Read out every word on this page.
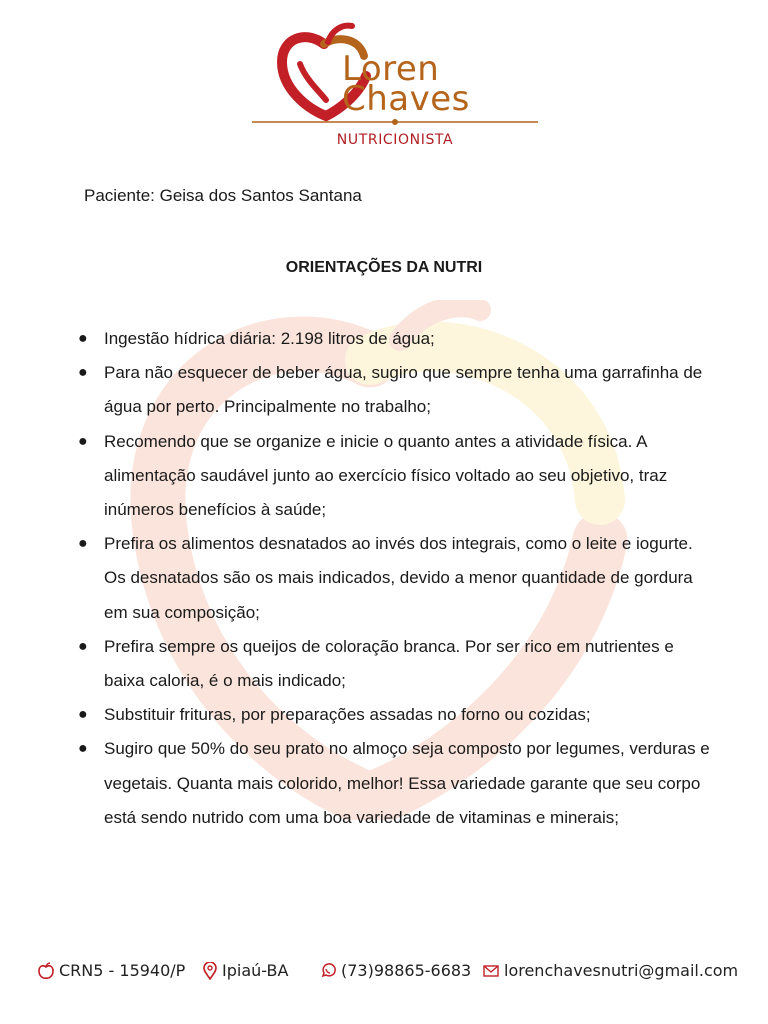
Loren
Chaves
NUTRICIONISTA
Paciente: Geisa dos Santos Santana
ORIENTAÇÕES DA NUTRI
● Ingestão hídrica diária: 2.198 litros de água;
● Para não esquecer de beber água, sugiro que sempre tenha uma garrafinha de água por perto. Principalmente no trabalho;
● Recomendo que se organize e inicie o quanto antes a atividade física. A alimentação saudável junto ao exercício físico voltado ao seu objetivo, traz inúmeros benefícios à saúde;
● Prefira os alimentos desnatados ao invés dos integrais, como o leite e iogurte. Os desnatados são os mais indicados, devido a menor quantidade de gordura em sua composição;
● Prefira sempre os queijos de coloração branca. Por ser rico em nutrientes e baixa caloria, é o mais indicado;
● Substituir frituras, por preparações assadas no forno ou cozidas;
● Sugiro que 50% do seu prato no almoço seja composto por legumes, verduras e vegetais. Quanta mais colorido, melhor! Essa variedade garante que seu corpo está sendo nutrido com uma boa variedade de vitaminas e minerais;
CRN5 - 15940/P Ipiaú-BA	(73)98865-6683 lorenchavesnutri@gmail.com
